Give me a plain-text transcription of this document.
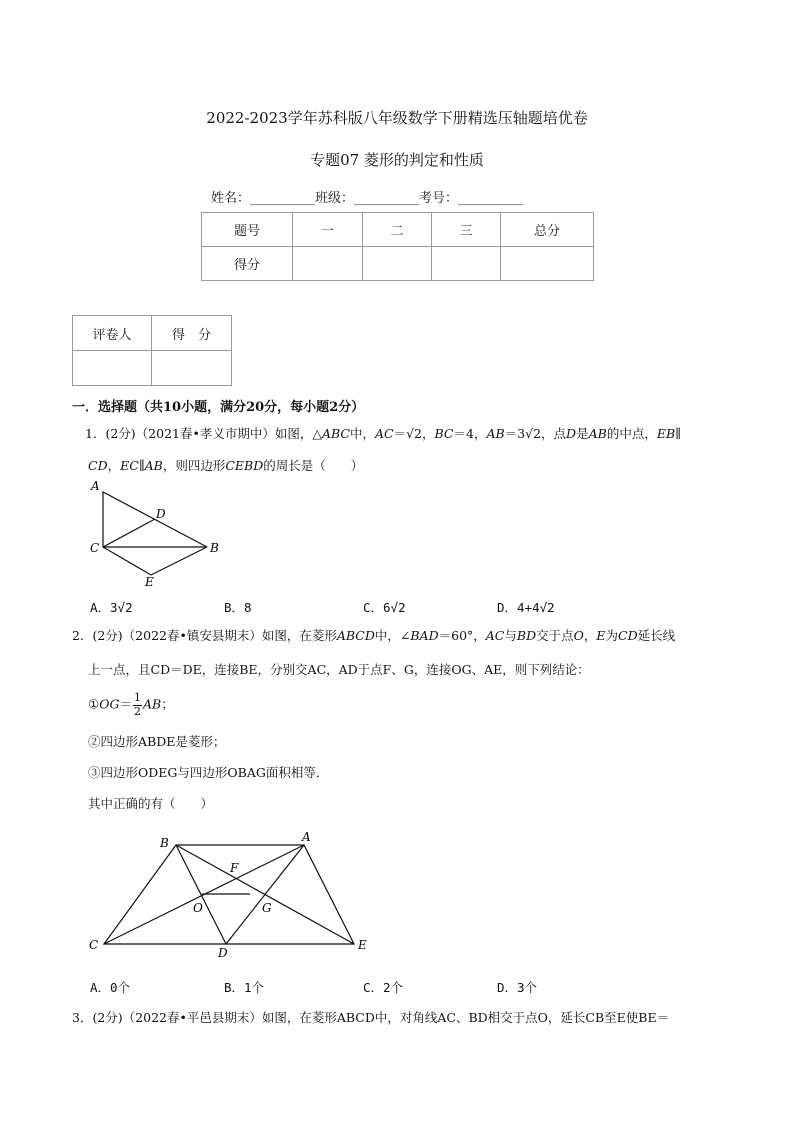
2022-2023学年苏科版八年级数学下册精选压轴题培优卷
专题07 菱形的判定和性质
姓名：__________班级：__________考号：__________
题号	一	二	三	总分
得分				
评卷人	得　分

一．选择题（共10小题，满分20分，每小题2分）
1．(2分)（2021春•孝义市期中）如图，△ABC中，AC＝√2，BC＝4，AB＝3√2，点D是AB的中点，EB∥
CD，EC∥AB，则四边形CEBD的周长是（　　）
A
D
C	B
E
A．3√2	B．8	C．6√2	D．4+4√2
2．(2分)（2022春•镇安县期末）如图，在菱形ABCD中，∠BAD＝60°，AC与BD交于点O，E为CD延长线
上一点，且CD＝DE，连接BE，分别交AC，AD于点F、G，连接OG、AE，则下列结论：
①OG＝ $\frac{1}{2}$ AB；
②四边形ABDE是菱形；
③四边形ODEG与四边形OBAG面积相等．
其中正确的有（　　）
B	A
F
O	G
C
D
E
A．0个	B．1个	C．2个	D．3个
3．(2分)（2022春•平邑县期末）如图，在菱形ABCD中，对角线AC、BD相交于点O，延长CB至E使BE＝
